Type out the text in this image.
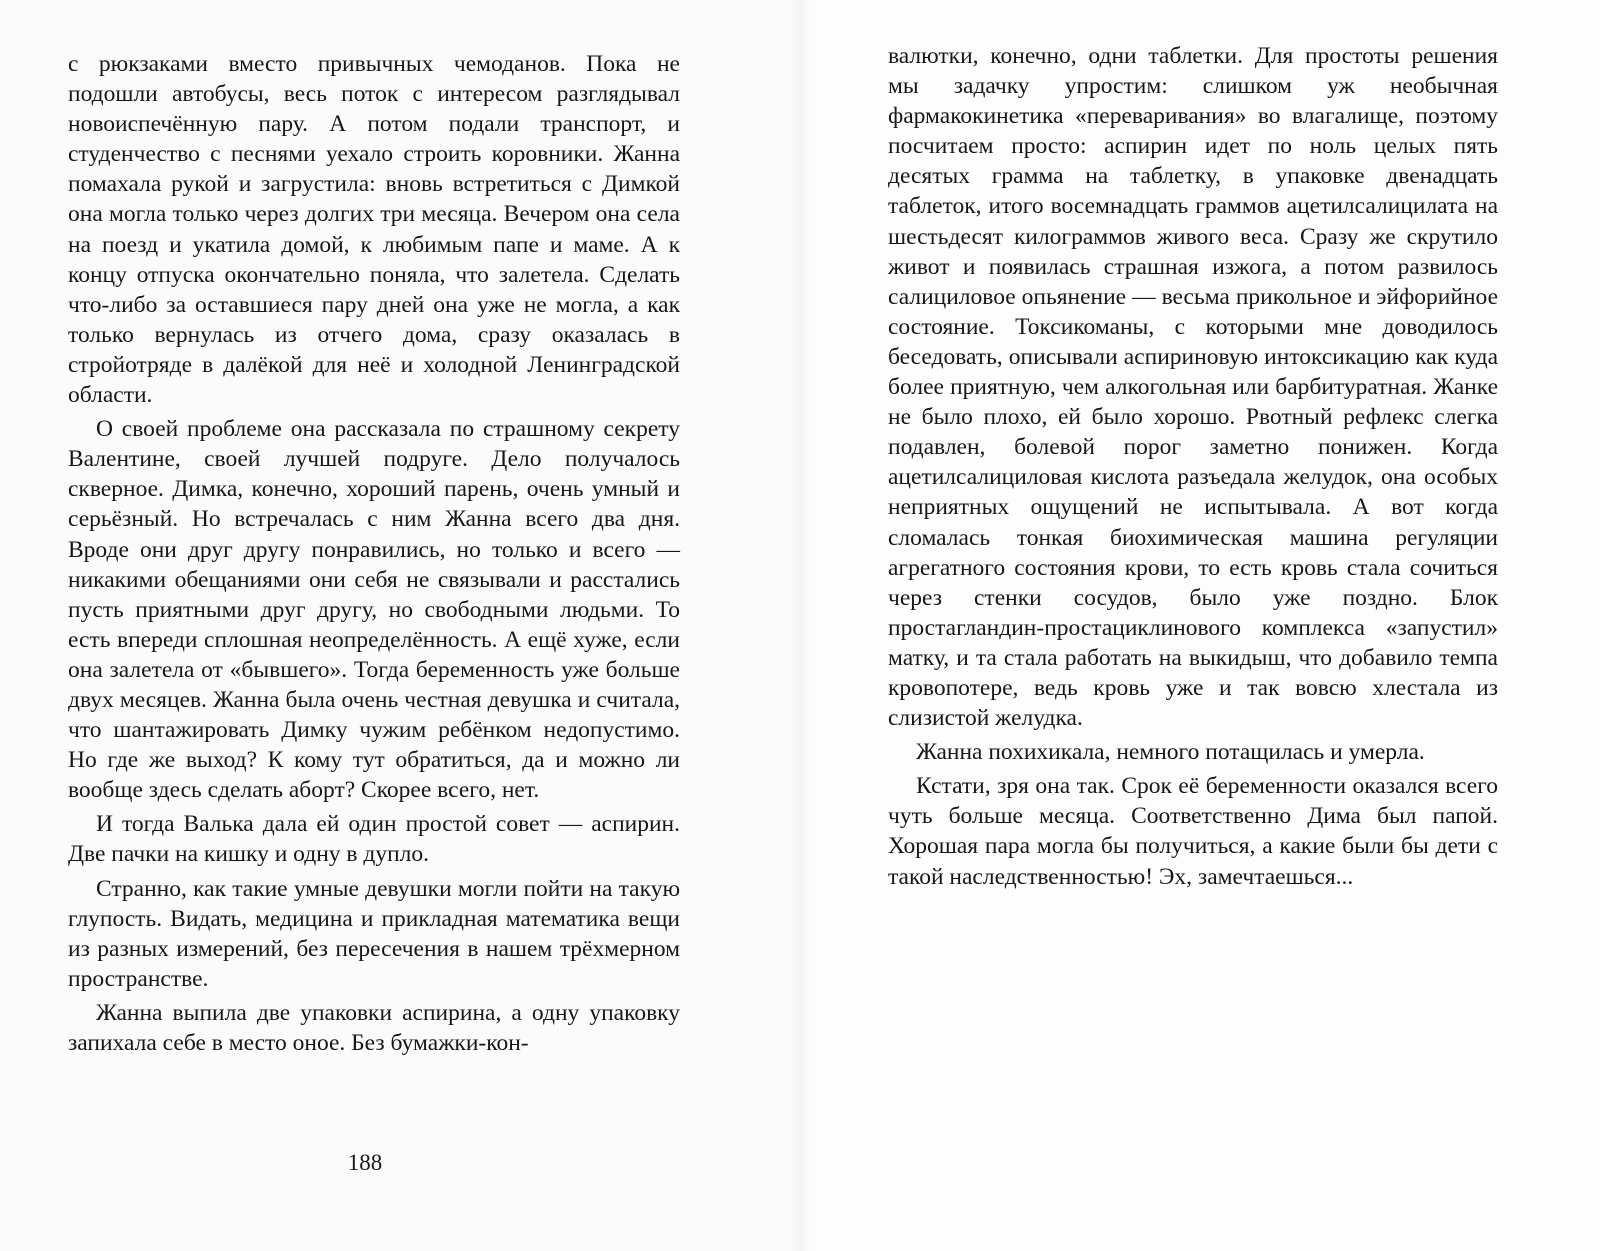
с рюкзаками вместо привычных чемоданов. Пока не подошли автобусы, весь поток с интересом разглядывал новоиспечённую пару. А потом подали транспорт, и студенчество с песнями уехало строить коровники. Жанна помахала рукой и загрустила: вновь встретиться с Димкой она могла только через долгих три месяца. Вечером она села на поезд и укатила домой, к любимым папе и маме. А к концу отпуска окончательно поняла, что залетела. Сделать что-либо за оставшиеся пару дней она уже не могла, а как только вернулась из отчего дома, сразу оказалась в стройотряде в далёкой для неё и холодной Ленинградской области.

О своей проблеме она рассказала по страшному секрету Валентине, своей лучшей подруге. Дело получалось скверное. Димка, конечно, хороший парень, очень умный и серьёзный. Но встречалась с ним Жанна всего два дня. Вроде они друг другу понравились, но только и всего — никакими обещаниями они себя не связывали и расстались пусть приятными друг другу, но свободными людьми. То есть впереди сплошная неопределённость. А ещё хуже, если она залетела от «бывшего». Тогда беременность уже больше двух месяцев. Жанна была очень честная девушка и считала, что шантажировать Димку чужим ребёнком недопустимо. Но где же выход? К кому тут обратиться, да и можно ли вообще здесь сделать аборт? Скорее всего, нет.

И тогда Валька дала ей один простой совет — аспирин. Две пачки на кишку и одну в дупло.

Странно, как такие умные девушки могли пойти на такую глупость. Видать, медицина и прикладная математика вещи из разных измерений, без пересечения в нашем трёхмерном пространстве.

Жанна выпила две упаковки аспирина, а одну упаковку запихала себе в место оное. Без бумажки-кон-

188

валютки, конечно, одни таблетки. Для простоты решения мы задачку упростим: слишком уж необычная фармакокинетика «переваривания» во влагалище, поэтому посчитаем просто: аспирин идет по ноль целых пять десятых грамма на таблетку, в упаковке двенадцать таблеток, итого восемнадцать граммов ацетилсалицилата на шестьдесят килограммов живого веса. Сразу же скрутило живот и появилась страшная изжога, а потом развилось салициловое опьянение — весьма прикольное и эйфорийное состояние. Токсикоманы, с которыми мне доводилось беседовать, описывали аспириновую интоксикацию как куда более приятную, чем алкогольная или барбитуратная. Жанке не было плохо, ей было хорошо. Рвотный рефлекс слегка подавлен, болевой порог заметно понижен. Когда ацетилсалициловая кислота разъедала желудок, она особых неприятных ощущений не испытывала. А вот когда сломалась тонкая биохимическая машина регуляции агрегатного состояния крови, то есть кровь стала сочиться через стенки сосудов, было уже поздно. Блок простагландин-простациклинового комплекса «запустил» матку, и та стала работать на выкидыш, что добавило темпа кровопотере, ведь кровь уже и так вовсю хлестала из слизистой желудка.

Жанна похихикала, немного потащилась и умерла.

Кстати, зря она так. Срок её беременности оказался всего чуть больше месяца. Соответственно Дима был папой. Хорошая пара могла бы получиться, а какие были бы дети с такой наследственностью! Эх, замечтаешься...
